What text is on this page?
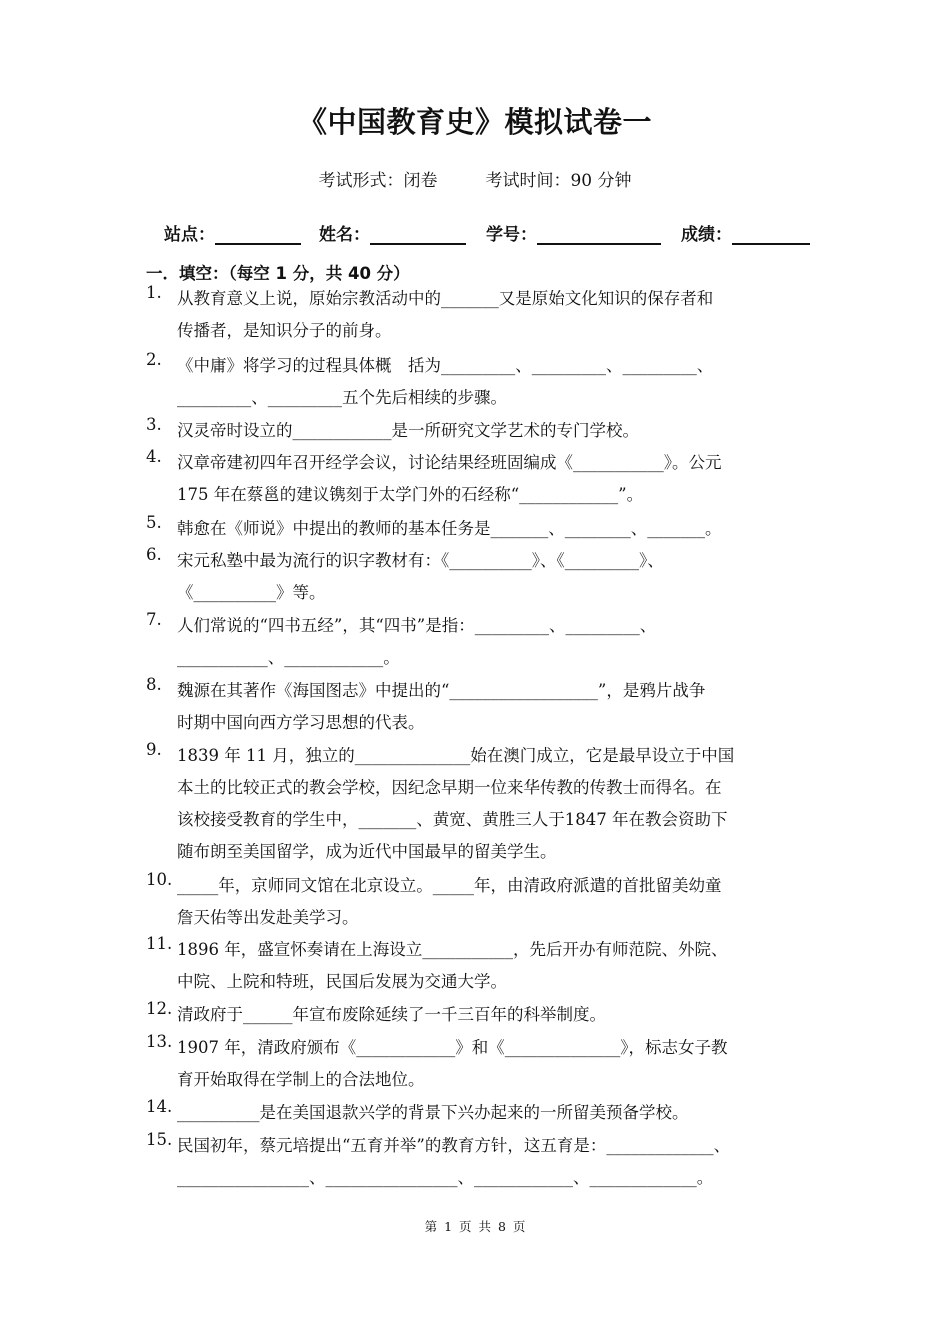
《中国教育史》模拟试卷一
考试形式：闭卷	考试时间：90 分钟
站点：	姓名：	学号：	成绩：
一．填空：（每空 1 分，共 40 分）
1. 从教育意义上说，原始宗教活动中的_______又是原始文化知识的保存者和
传播者，是知识分子的前身。
2. 《中庸》将学习的过程具体概　括为_________、_________、_________、
_________、_________五个先后相续的步骤。
3. 汉灵帝时设立的____________是一所研究文学艺术的专门学校。
4. 汉章帝建初四年召开经学会议，讨论结果经班固编成《___________》。公元
175 年在蔡邕的建议镌刻于太学门外的石经称“____________”。
5. 韩愈在《师说》中提出的教师的基本任务是_______、________、_______。
6. 宋元私塾中最为流行的识字教材有：《__________》、《_________》、
《__________》等。
7. 人们常说的“四书五经”，其“四书”是指：_________、_________、
___________、____________。
8. 魏源在其著作《海国图志》中提出的“__________________”，是鸦片战争
时期中国向西方学习思想的代表。
9. 1839 年 11 月，独立的______________始在澳门成立，它是最早设立于中国
本土的比较正式的教会学校，因纪念早期一位来华传教的传教士而得名。在
该校接受教育的学生中，_______、黄宽、黄胜三人于1847 年在教会资助下
随布朗至美国留学，成为近代中国最早的留美学生。
10. _____年，京师同文馆在北京设立。_____年，由清政府派遣的首批留美幼童
詹天佑等出发赴美学习。
11. 1896 年，盛宣怀奏请在上海设立___________，先后开办有师范院、外院、
中院、上院和特班，民国后发展为交通大学。
12. 清政府于______年宣布废除延续了一千三百年的科举制度。
13. 1907 年，清政府颁布《____________》和《______________》，标志女子教
育开始取得在学制上的合法地位。
14. __________是在美国退款兴学的背景下兴办起来的一所留美预备学校。
15. 民国初年，蔡元培提出“五育并举”的教育方针，这五育是：_____________、
________________、________________、____________、_____________。
第 1 页 共 8 页
